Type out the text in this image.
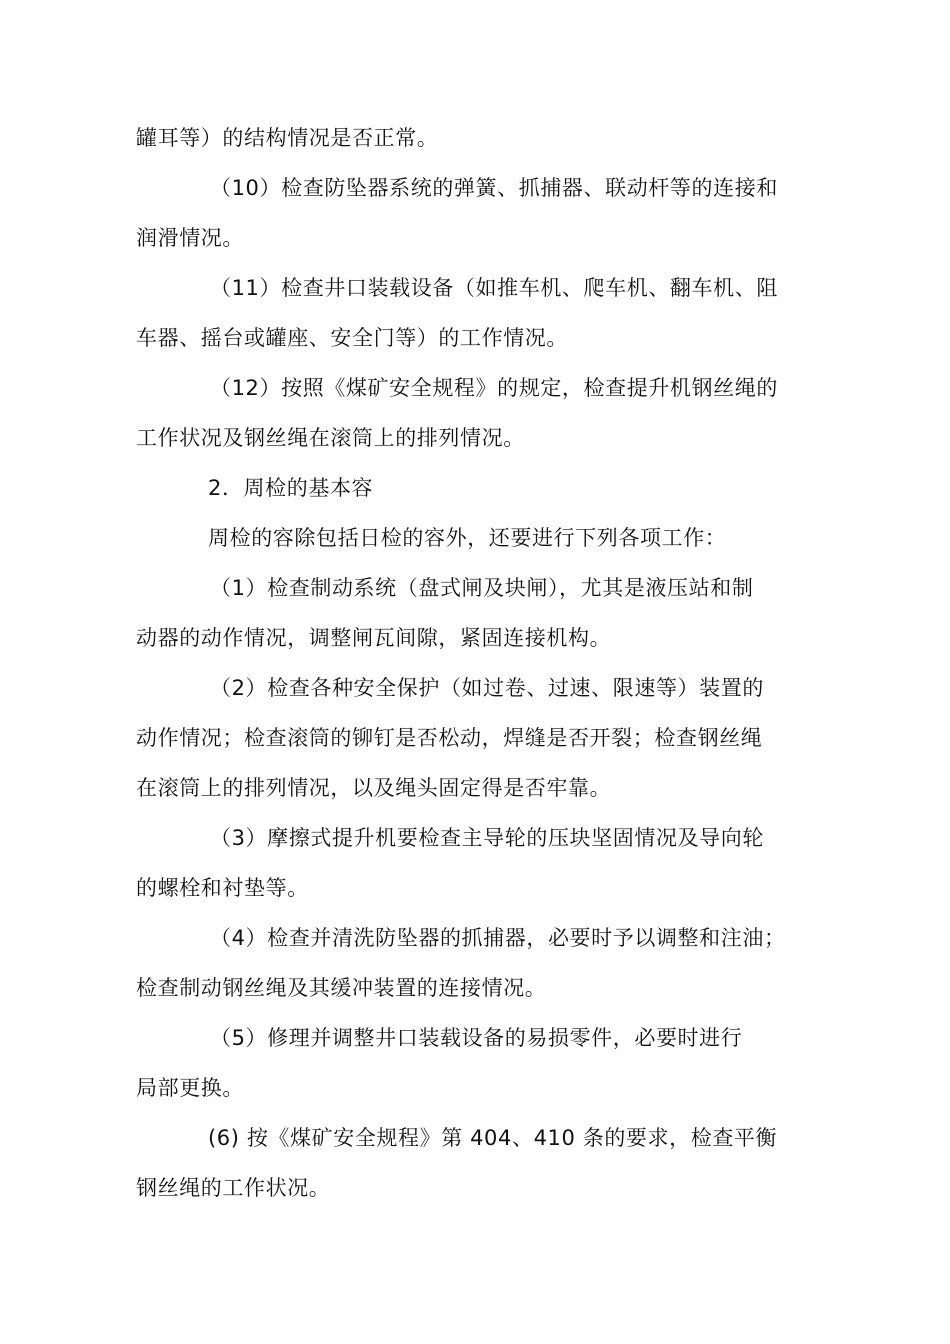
罐耳等）的结构情况是否正常。
（10）检查防坠器系统的弹簧、抓捕器、联动杆等的连接和
润滑情况。
（11）检查井口装载设备（如推车机、爬车机、翻车机、阻
车器、摇台或罐座、安全门等）的工作情况。
（12）按照《煤矿安全规程》的规定，检查提升机钢丝绳的
工作状况及钢丝绳在滚筒上的排列情况。
2．周检的基本容
周检的容除包括日检的容外，还要进行下列各项工作：
（1）检查制动系统（盘式闸及块闸），尤其是液压站和制
动器的动作情况，调整闸瓦间隙，紧固连接机构。
（2）检查各种安全保护（如过卷、过速、限速等）装置的
动作情况；检查滚筒的铆钉是否松动，焊缝是否开裂；检查钢丝绳
在滚筒上的排列情况，以及绳头固定得是否牢靠。
（3）摩擦式提升机要检查主导轮的压块坚固情况及导向轮
的螺栓和衬垫等。
（4）检查并清洗防坠器的抓捕器，必要时予以调整和注油；
检查制动钢丝绳及其缓冲装置的连接情况。
（5）修理并调整井口装载设备的易损零件，必要时进行
局部更换。
(6) 按《煤矿安全规程》第 404、410 条的要求，检查平衡
钢丝绳的工作状况。
